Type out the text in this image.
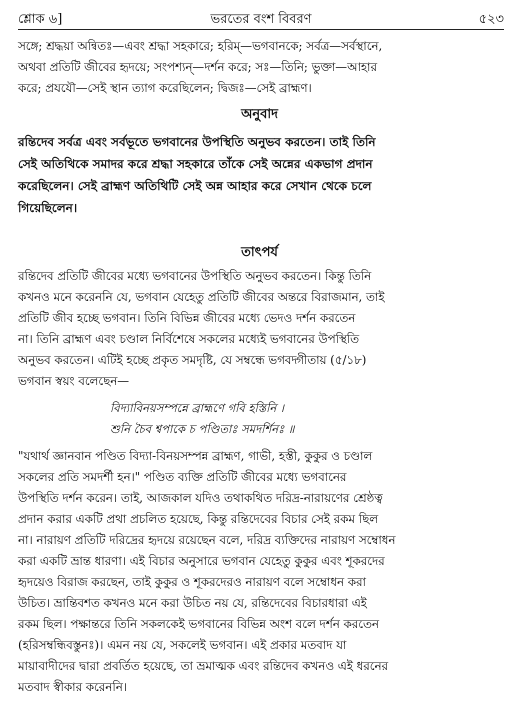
শ্লোক ৬]	ভরতের বংশ বিবরণ	৫২৩

সঙ্গে; শ্রদ্ধয়া অন্বিতঃ—এবং শ্রদ্ধা সহকারে; হরিম্—ভগবানকে; সর্বত্র—সর্বস্থানে,

অথবা প্রতিটি জীবের হৃদয়ে; সংপশ্যন্—দর্শন করে; সঃ—তিনি; ভুক্তা—আহার

করে; প্রযযৌ—সেই স্থান ত্যাগ করেছিলেন; দ্বিজঃ—সেই ব্রাহ্মণ।

অনুবাদ

রন্তিদেব সর্বত্র এবং সর্বভূতে ভগবানের উপস্থিতি অনুভব করতেন। তাই তিনি

সেই অতিথিকে সমাদর করে শ্রদ্ধা সহকারে তাঁকে সেই অন্নের একভাগ প্রদান

করেছিলেন। সেই ব্রাহ্মণ অতিথিটি সেই অন্ন আহার করে সেখান থেকে চলে

গিয়েছিলেন।

তাৎপর্য

রন্তিদেব প্রতিটি জীবের মধ্যে ভগবানের উপস্থিতি অনুভব করতেন। কিন্তু তিনি

কখনও মনে করেননি যে, ভগবান যেহেতু প্রতিটি জীবের অন্তরে বিরাজমান, তাই

প্রতিটি জীব হচ্ছে ভগবান। তিনি বিভিন্ন জীবের মধ্যে ভেদও দর্শন করতেন

না। তিনি ব্রাহ্মণ এবং চণ্ডাল নির্বিশেষে সকলের মধ্যেই ভগবানের উপস্থিতি

অনুভব করতেন। এটিই হচ্ছে প্রকৃত সমদৃষ্টি, যে সম্বন্ধে ভগবদ্গীতায় (৫/১৮)

ভগবান স্বয়ং বলেছেন—

বিদ্যাবিনয়সম্পন্নে ব্রাহ্মণে গবি হস্তিনি ।
শুনি চৈব শ্বপাকে চ পণ্ডিতাঃ সমদর্শিনঃ ॥

"যথার্থ জ্ঞানবান পণ্ডিত বিদ্যা-বিনয়সম্পন্ন ব্রাহ্মণ, গাভী, হস্তী, কুকুর ও চণ্ডাল

সকলের প্রতি সমদর্শী হন।" পণ্ডিত ব্যক্তি প্রতিটি জীবের মধ্যে ভগবানের

উপস্থিতি দর্শন করেন। তাই, আজকাল যদিও তথাকথিত দরিদ্র-নারায়ণের শ্রেষ্ঠত্ব

প্রদান করার একটি প্রথা প্রচলিত হয়েছে, কিন্তু রন্তিদেবের বিচার সেই রকম ছিল

না। নারায়ণ প্রতিটি দরিদ্রের হৃদয়ে রয়েছেন বলে, দরিদ্র ব্যক্তিদের নারায়ণ সম্বোধন

করা একটি ভ্রান্ত ধারণা। এই বিচার অনুসারে ভগবান যেহেতু কুকুর এবং শূকরদের

হৃদয়েও বিরাজ করছেন, তাই কুকুর ও শূকরদেরও নারায়ণ বলে সম্বোধন করা

উচিত। ভ্রান্তিবশত কখনও মনে করা উচিত নয় যে, রন্তিদেবের বিচারধারা এই

রকম ছিল। পক্ষান্তরে তিনি সকলকেই ভগবানের বিভিন্ন অংশ বলে দর্শন করতেন

(হরিসম্বন্ধিবস্তুনঃ)। এমন নয় যে, সকলেই ভগবান। এই প্রকার মতবাদ যা

মায়াবাদীদের দ্বারা প্রবর্তিত হয়েছে, তা ভ্রমাত্মক এবং রন্তিদেব কখনও এই ধরনের

মতবাদ স্বীকার করেননি।
